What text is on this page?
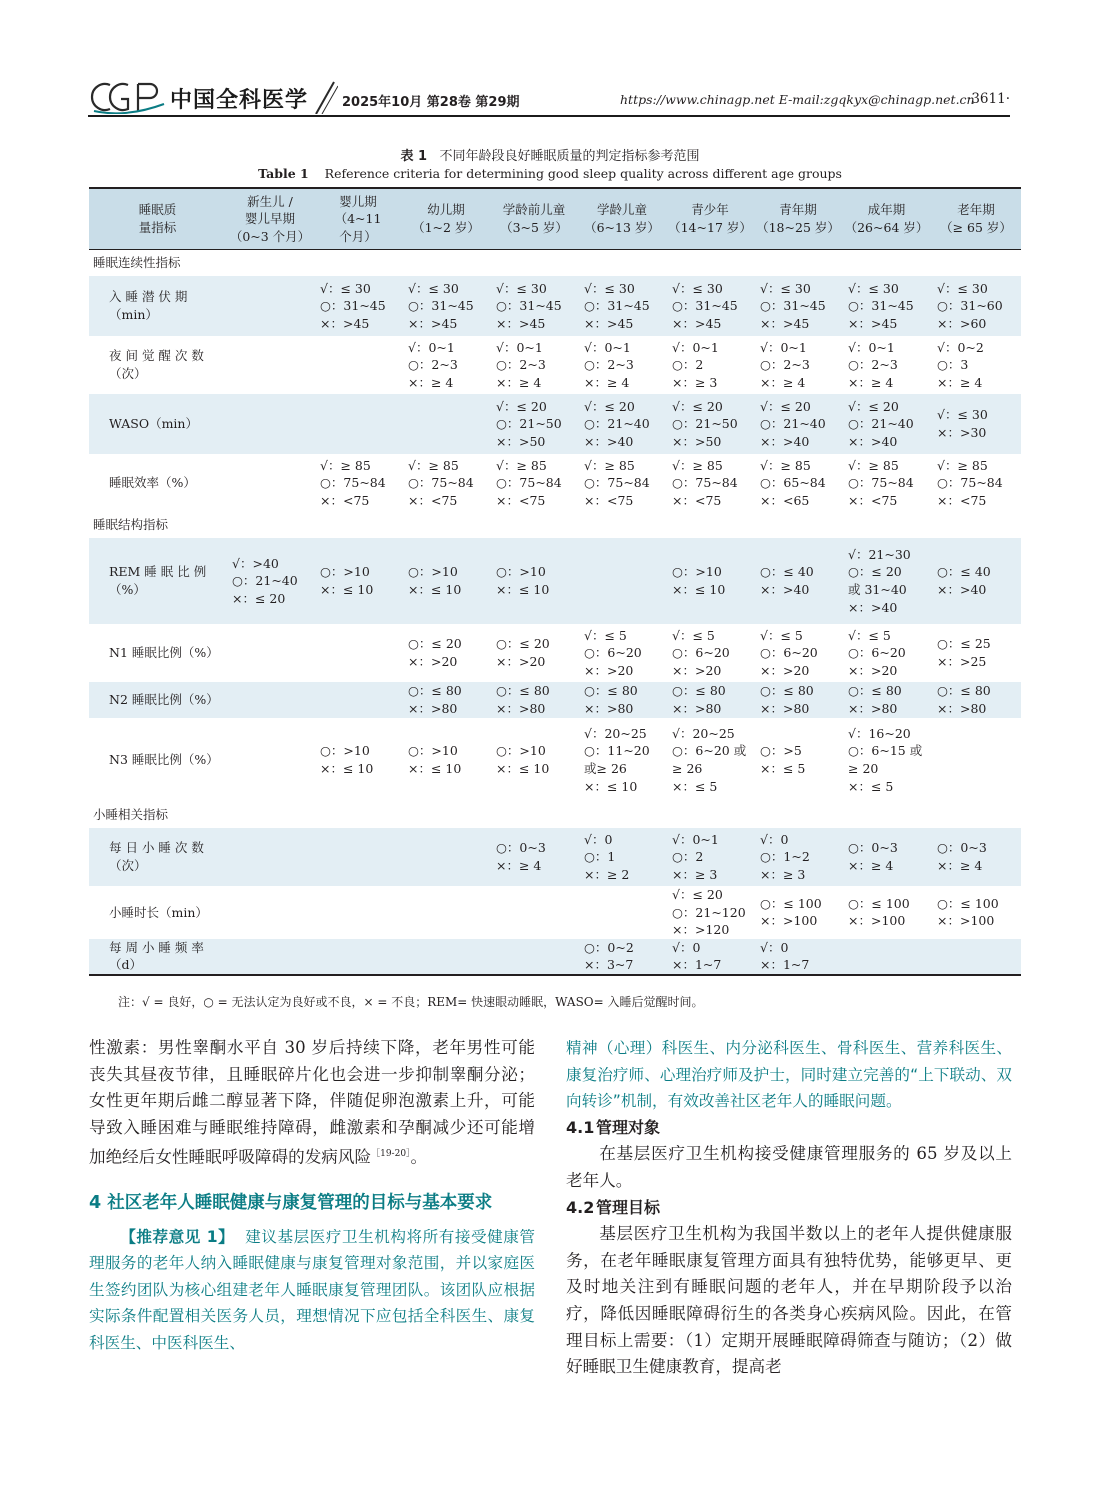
中国全科医学	2025年10月 第28卷 第29期	https://www.chinagp.net E-mail:zgqkyx@chinagp.net.cn
·3611·
表 1 不同年龄段良好睡眠质量的判定指标参考范围
Table 1 Reference criteria for determining good sleep quality across different age groups
睡眠质
量指标	新生儿 /
婴儿早期
（0~3 个月）	婴儿期
（4~11
个月）	幼儿期
（1~2 岁）	学龄前儿童
（3~5 岁）	学龄儿童
（6~13 岁）	青少年
（14~17 岁）	青年期
（18~25 岁）	成年期
（26~64 岁）	老年期
（≥ 65 岁）

睡眠连续性指标									

入 睡 潜 伏 期
（min）		√：≤ 30
○：31~45
×：>45	√：≤ 30
○：31~45
×：>45	√：≤ 30
○：31~45
×：>45	√：≤ 30
○：31~45
×：>45	√：≤ 30
○：31~45
×：>45	√：≤ 30
○：31~45
×：>45	√：≤ 30
○：31~45
×：>45	√：≤ 30
○：31~60
×：>60

夜 间 觉 醒 次 数
（次）			√：0~1
○：2~3
×：≥ 4	√：0~1
○：2~3
×：≥ 4	√：0~1
○：2~3
×：≥ 4	√：0~1
○：2
×：≥ 3	√：0~1
○：2~3
×：≥ 4	√：0~1
○：2~3
×：≥ 4	√：0~2
○：3
×：≥ 4

WASO（min）				√：≤ 20
○：21~50
×：>50	√：≤ 20
○：21~40
×：>40	√：≤ 20
○：21~50
×：>50	√：≤ 20
○：21~40
×：>40	√：≤ 20
○：21~40
×：>40	√：≤ 30
×：>30

睡眠效率（%）		√：≥ 85
○：75~84
×：<75	√：≥ 85
○：75~84
×：<75	√：≥ 85
○：75~84
×：<75	√：≥ 85
○：75~84
×：<75	√：≥ 85
○：75~84
×：<75	√：≥ 85
○：65~84
×：<65	√：≥ 85
○：75~84
×：<75	√：≥ 85
○：75~84
×：<75

睡眠结构指标									

REM 睡 眠 比 例
（%）	√：>40
○：21~40
×：≤ 20	○：>10
×：≤ 10	○：>10
×：≤ 10	○：>10
×：≤ 10		○：>10
×：≤ 10	○：≤ 40
×：>40	√：21~30
○：≤ 20
或 31~40
×：>40	○：≤ 40
×：>40

N1 睡眠比例（%）			○：≤ 20
×：>20	○：≤ 20
×：>20	√：≤ 5
○：6~20
×：>20	√：≤ 5
○：6~20
×：>20	√：≤ 5
○：6~20
×：>20	√：≤ 5
○：6~20
×：>20	○：≤ 25
×：>25

N2 睡眠比例（%）			○：≤ 80
×：>80	○：≤ 80
×：>80	○：≤ 80
×：>80	○：≤ 80
×：>80	○：≤ 80
×：>80	○：≤ 80
×：>80	○：≤ 80
×：>80

N3 睡眠比例（%）		○：>10
×：≤ 10	○：>10
×：≤ 10	○：>10
×：≤ 10	√：20~25
○：11~20
或≥ 26
×：≤ 10	√：20~25
○：6~20 或
≥ 26
×：≤ 5	○：>5
×：≤ 5	√：16~20
○：6~15 或
≥ 20
×：≤ 5	

小睡相关指标									

每 日 小 睡 次 数
（次）				○：0~3
×：≥ 4	√：0
○：1
×：≥ 2	√：0~1
○：2
×：≥ 3	√：0
○：1~2
×：≥ 3	○：0~3
×：≥ 4	○：0~3
×：≥ 4

小睡时长（min）						√：≤ 20
○：21~120
×：>120	○：≤ 100
×：>100	○：≤ 100
×：>100	○：≤ 100
×：>100

每 周 小 睡 频 率
（d）					○：0~2
×：3~7	√：0
×：1~7	√：0
×：1~7		

注：√ = 良好，○ = 无法认定为良好或不良，× = 不良；REM= 快速眼动睡眠，WASO= 入睡后觉醒时间。

性激素：男性睾酮水平自 30 岁后持续下降，老年男性可能丧失其昼夜节律，且睡眠碎片化也会进一步抑制睾酮分泌；女性更年期后雌二醇显著下降，伴随促卵泡激素上升，可能导致入睡困难与睡眠维持障碍，雌激素和孕酮减少还可能增加绝经后女性睡眠呼吸障碍的发病风险$^{[19-20]}$。

4 社区老年人睡眠健康与康复管理的目标与基本要求

【推荐意见 1】 建议基层医疗卫生机构将所有接受健康管理服务的老年人纳入睡眠健康与康复管理对象范围，并以家庭医生签约团队为核心组建老年人睡眠康复管理团队。该团队应根据实际条件配置相关医务人员，理想情况下应包括全科医生、康复科医生、中医科医生、

精神（心理）科医生、内分泌科医生、骨科医生、营养科医生、康复治疗师、心理治疗师及护士，同时建立完善的“上下联动、双向转诊”机制，有效改善社区老年人的睡眠问题。

4.1 管理对象

在基层医疗卫生机构接受健康管理服务的 65 岁及以上老年人。

4.2 管理目标

基层医疗卫生机构为我国半数以上的老年人提供健康服务，在老年睡眠康复管理方面具有独特优势，能够更早、更及时地关注到有睡眠问题的老年人，并在早期阶段予以治疗，降低因睡眠障碍衍生的各类身心疾病风险。因此，在管理目标上需要：（1）定期开展睡眠障碍筛查与随访；（2）做好睡眠卫生健康教育，提高老
